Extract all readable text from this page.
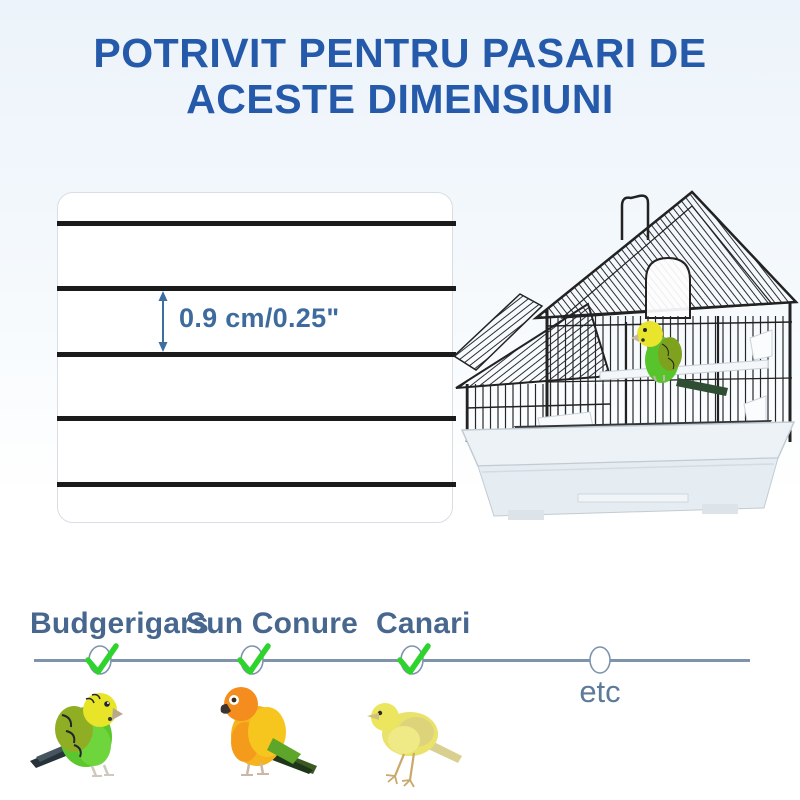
POTRIVIT PENTRU PASARI DE
ACESTE DIMENSIUNI
0.9 cm/0.25"
Budgerigars
Sun Conure Canari
etc
